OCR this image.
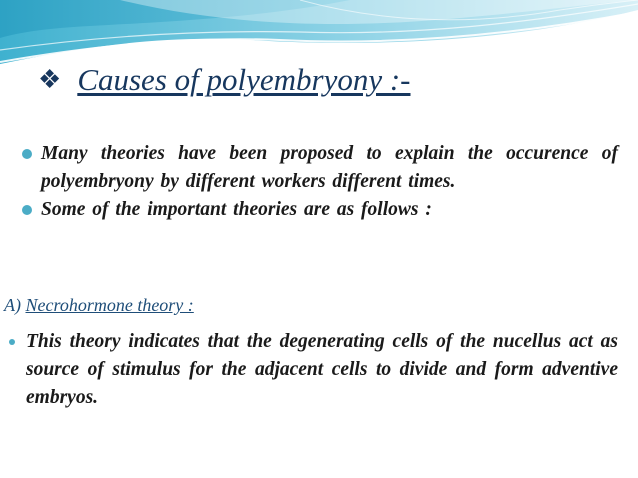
❖ Causes of polyembryony :-
Many theories have been proposed to explain the occurence of polyembryony by different workers different times.
Some of the important theories are as follows :
A) Necrohormone theory :
This theory indicates that the degenerating cells of the nucellus act as source of stimulus for the adjacent cells to divide and form adventive embryos.
